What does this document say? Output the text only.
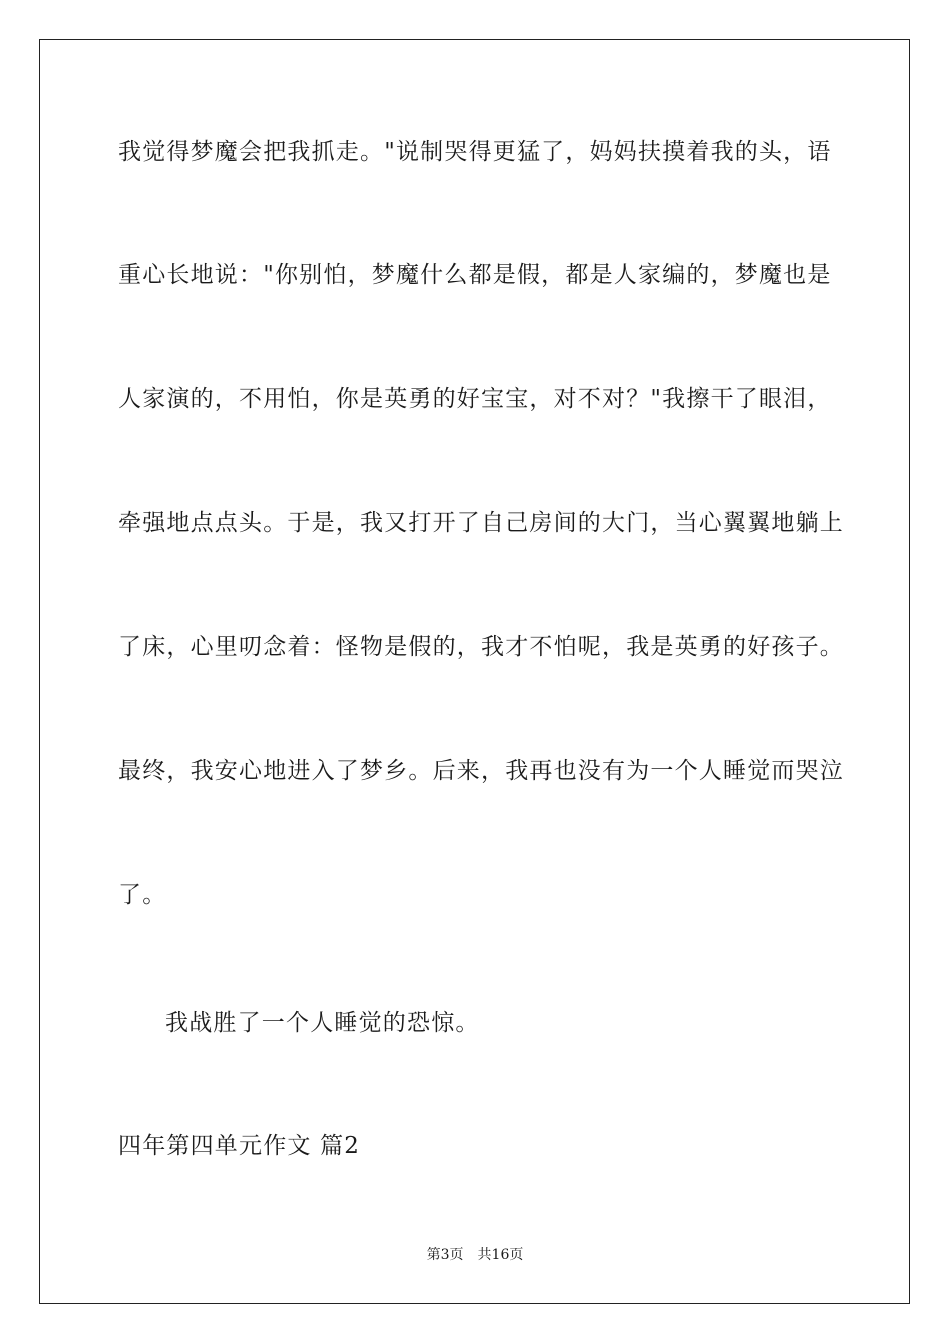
我觉得梦魔会把我抓走。"说制哭得更猛了，妈妈扶摸着我的头，语
重心长地说："你别怕，梦魔什么都是假，都是人家编的，梦魔也是
人家演的，不用怕，你是英勇的好宝宝，对不对？"我擦干了眼泪，
牵强地点点头。于是，我又打开了自己房间的大门，当心翼翼地躺上
了床，心里叨念着：怪物是假的，我才不怕呢，我是英勇的好孩子。
最终，我安心地进入了梦乡。后来，我再也没有为一个人睡觉而哭泣
了。
我战胜了一个人睡觉的恐惊。
四年第四单元作文 篇2
第3页 共16页
